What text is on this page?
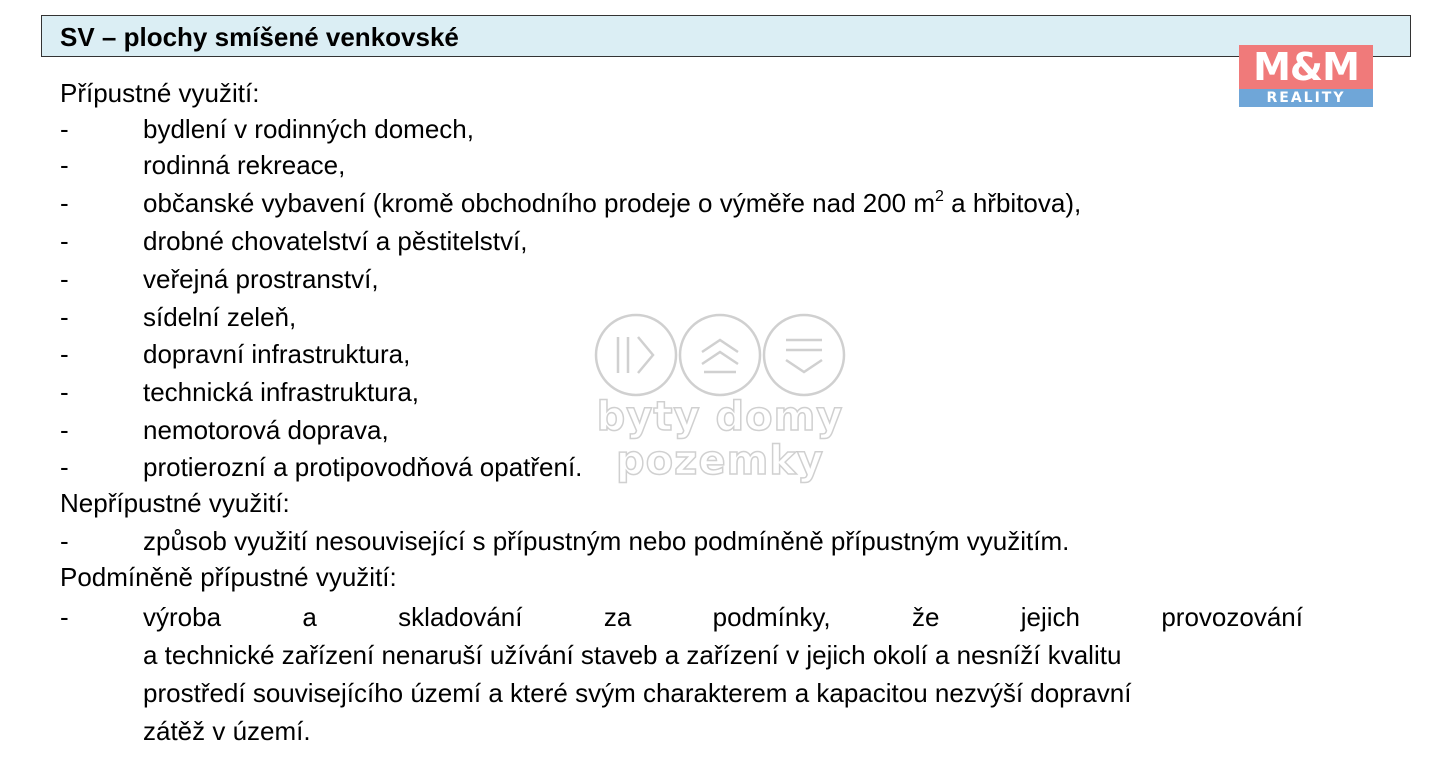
SV – plochy smíšené venkovské
M&M
REALITY
byty domy pozemky
Přípustné využití:
-	bydlení v rodinných domech,
-	rodinná rekreace,
-	občanské vybavení (kromě obchodního prodeje o výměře nad 200 $m^2$ a hřbitova),
-	drobné chovatelství a pěstitelství,
-	veřejná prostranství,
-	sídelní zeleň,
-	dopravní infrastruktura,
-	technická infrastruktura,
-	nemotorová doprava,
-	protierozní a protipovodňová opatření.
Nepřípustné využití:
-	způsob využití nesouvisející s přípustným nebo podmíněně přípustným využitím.
Podmíněně přípustné využití:
-	výroba	a	skladování	za	podmínky,	že	jejich	provozování
a technické zařízení nenaruší užívání staveb a zařízení v jejich okolí a nesníží kvalitu
prostředí souvisejícího území a které svým charakterem a kapacitou nezvýší dopravní
zátěž v území.
